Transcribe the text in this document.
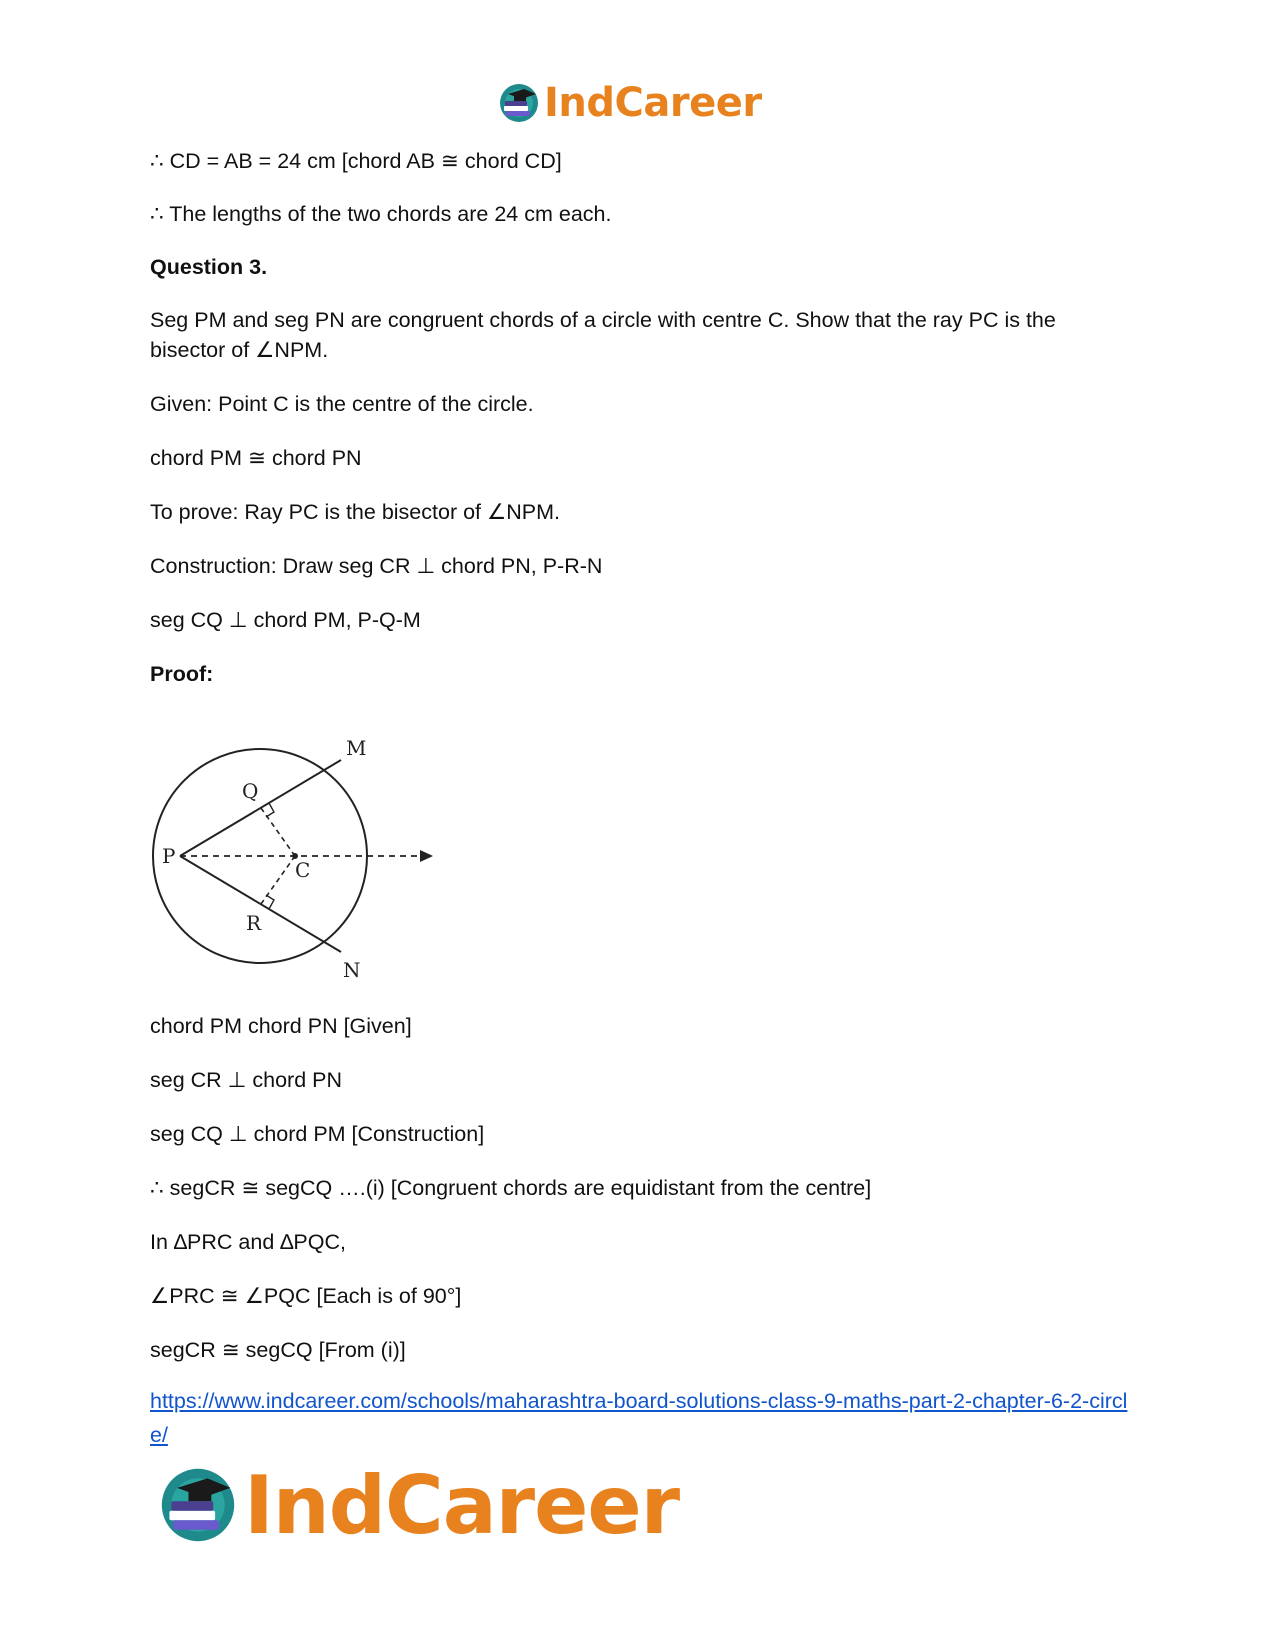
IndCareer
∴ CD = AB = 24 cm [chord AB ≅ chord CD]
∴ The lengths of the two chords are 24 cm each.
Question 3.
Seg PM and seg PN are congruent chords of a circle with centre C. Show that the ray PC is the bisector of ∠NPM.
Given: Point C is the centre of the circle.
chord PM ≅ chord PN
To prove: Ray PC is the bisector of ∠NPM.
Construction: Draw seg CR ⊥ chord PN, P-R-N
seg CQ ⊥ chord PM, P-Q-M
Proof:
M
Q
P
C
R
N
chord PM chord PN [Given]
seg CR ⊥ chord PN
seg CQ ⊥ chord PM [Construction]
∴ segCR ≅ segCQ ….(i) [Congruent chords are equidistant from the centre]
In ∆PRC and ∆PQC,
∠PRC ≅ ∠PQC [Each is of 90°]
segCR ≅ segCQ [From (i)]
https://www.indcareer.com/schools/maharashtra-board-solutions-class-9-maths-part-2-chapter-6-2-circle/
IndCareer
